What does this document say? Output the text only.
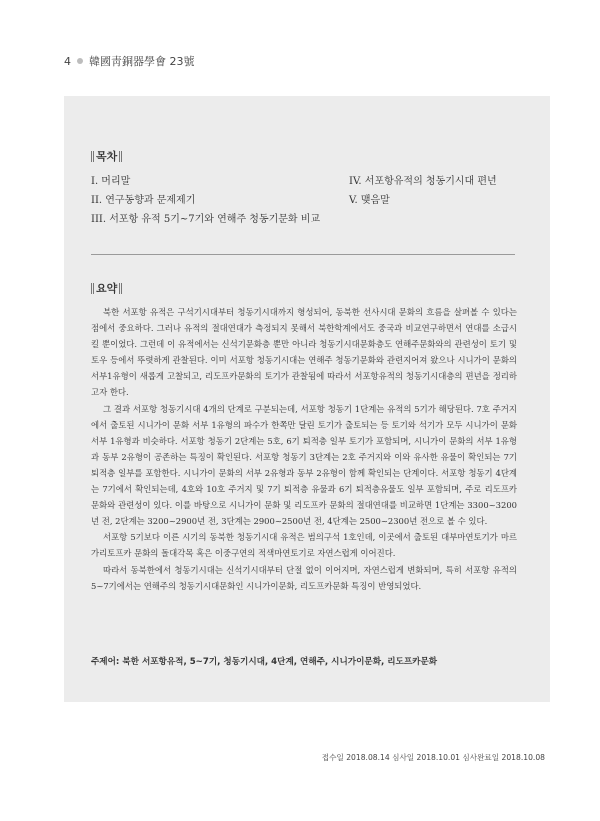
4 韓國靑銅器學會 23號
목차
I. 머리말
II. 연구동향과 문제제기
III. 서포항 유적 5기~7기와 연해주 청동기문화 비교
IV. 서포항유적의 청동기시대 편년
V. 맺음말
요약

북한 서포항 유적은 구석기시대부터 청동기시대까지 형성되어, 동북한 선사시대 문화의 흐름을 살펴볼 수 있다는 점에서 중요하다. 그러나 유적의 절대연대가 측정되지 못해서 북한학계에서도 중국과 비교연구하면서 연대를 소급시킬 뿐이었다. 그런데 이 유적에서는 신석기문화층 뿐만 아니라 청동기시대문화층도 연해주문화와의 관련성이 토기 및 토우 등에서 뚜렷하게 관찰된다. 이미 서포항 청동기시대는 연해주 청동기문화와 관련지어져 왔으나 시니가이 문화의 서부1유형이 새롭게 고찰되고, 리도프카문화의 토기가 관찰됨에 따라서 서포항유적의 청동기시대층의 편년을 정리하고자 한다.

그 결과 서포항 청동기시대 4개의 단계로 구분되는데, 서포항 청동기 1단계는 유적의 5기가 해당된다. 7호 주거지에서 출토된 시니가이 문화 서부 1유형의 파수가 한쪽만 달린 토기가 출토되는 등 토기와 석기가 모두 시니가이 문화 서부 1유형과 비슷하다. 서포항 청동기 2단계는 5호, 6기 퇴적층 일부 토기가 포함되며, 시니가이 문화의 서부 1유형과 동부 2유형이 공존하는 특징이 확인된다. 서포항 청동기 3단계는 2호 주거지와 이와 유사한 유물이 확인되는 7기 퇴적층 일부를 포함한다. 시니가이 문화의 서부 2유형과 동부 2유형이 함께 확인되는 단계이다. 서포항 청동기 4단계는 7기에서 확인되는데, 4호와 10호 주거지 및 7기 퇴적층 유물과 6기 퇴적층유물도 일부 포함되며, 주로 리도프카 문화와 관련성이 있다. 이를 바탕으로 시니가이 문화 및 리도프카 문화의 절대연대를 비교하면 1단계는 3300~3200년 전, 2단계는 3200~2900년 전, 3단계는 2900~2500년 전, 4단계는 2500~2300년 전으로 볼 수 있다.

서포항 5기보다 이른 시기의 동북한 청동기시대 유적은 범의구석 1호인데, 이곳에서 출토된 대부마연토기가 마르가리토프카 문화의 돌대각목 혹은 이중구연의 적색마연토기로 자연스럽게 이어진다.

따라서 동북한에서 청동기시대는 신석기시대부터 단절 없이 이어지며, 자연스럽게 변화되며, 특히 서포항 유적의 5~7기에서는 연해주의 청동기시대문화인 시니가이문화, 리도프카문화 특징이 반영되었다.

주제어: 북한 서포항유적, 5~7기, 청동기시대, 4단계, 연해주, 시니가이문화, 리도프카문화
접수일 2018.08.14 심사일 2018.10.01 심사완료일 2018.10.08
